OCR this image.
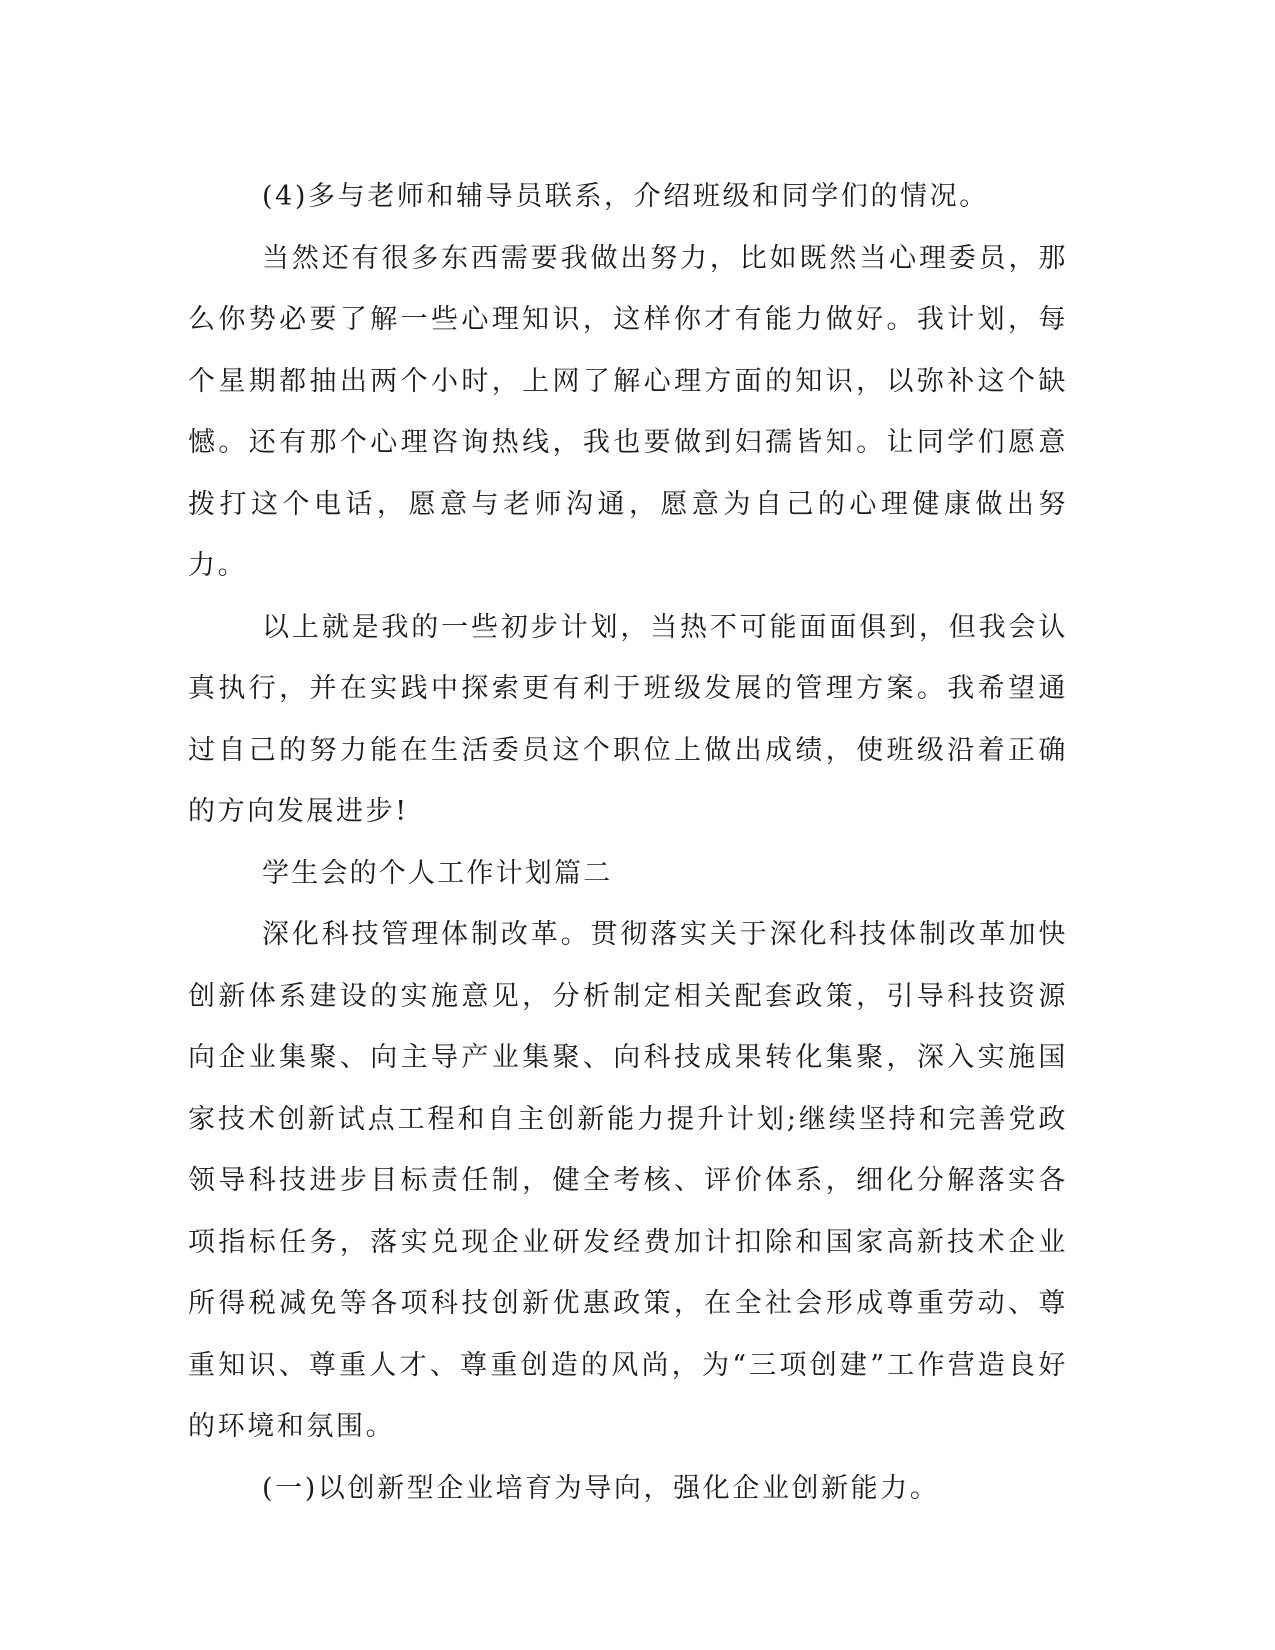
(4)多与老师和辅导员联系，介绍班级和同学们的情况。

当然还有很多东西需要我做出努力，比如既然当心理委员，那么你势必要了解一些心理知识，这样你才有能力做好。我计划，每个星期都抽出两个小时，上网了解心理方面的知识，以弥补这个缺憾。还有那个心理咨询热线，我也要做到妇孺皆知。让同学们愿意拨打这个电话，愿意与老师沟通，愿意为自己的心理健康做出努力。

以上就是我的一些初步计划，当热不可能面面俱到，但我会认真执行，并在实践中探索更有利于班级发展的管理方案。我希望通过自己的努力能在生活委员这个职位上做出成绩，使班级沿着正确的方向发展进步!

学生会的个人工作计划篇二

深化科技管理体制改革。贯彻落实关于深化科技体制改革加快创新体系建设的实施意见，分析制定相关配套政策，引导科技资源向企业集聚、向主导产业集聚、向科技成果转化集聚，深入实施国家技术创新试点工程和自主创新能力提升计划;继续坚持和完善党政领导科技进步目标责任制，健全考核、评价体系，细化分解落实各项指标任务，落实兑现企业研发经费加计扣除和国家高新技术企业所得税减免等各项科技创新优惠政策，在全社会形成尊重劳动、尊重知识、尊重人才、尊重创造的风尚，为“三项创建”工作营造良好的环境和氛围。

(一)以创新型企业培育为导向，强化企业创新能力。
